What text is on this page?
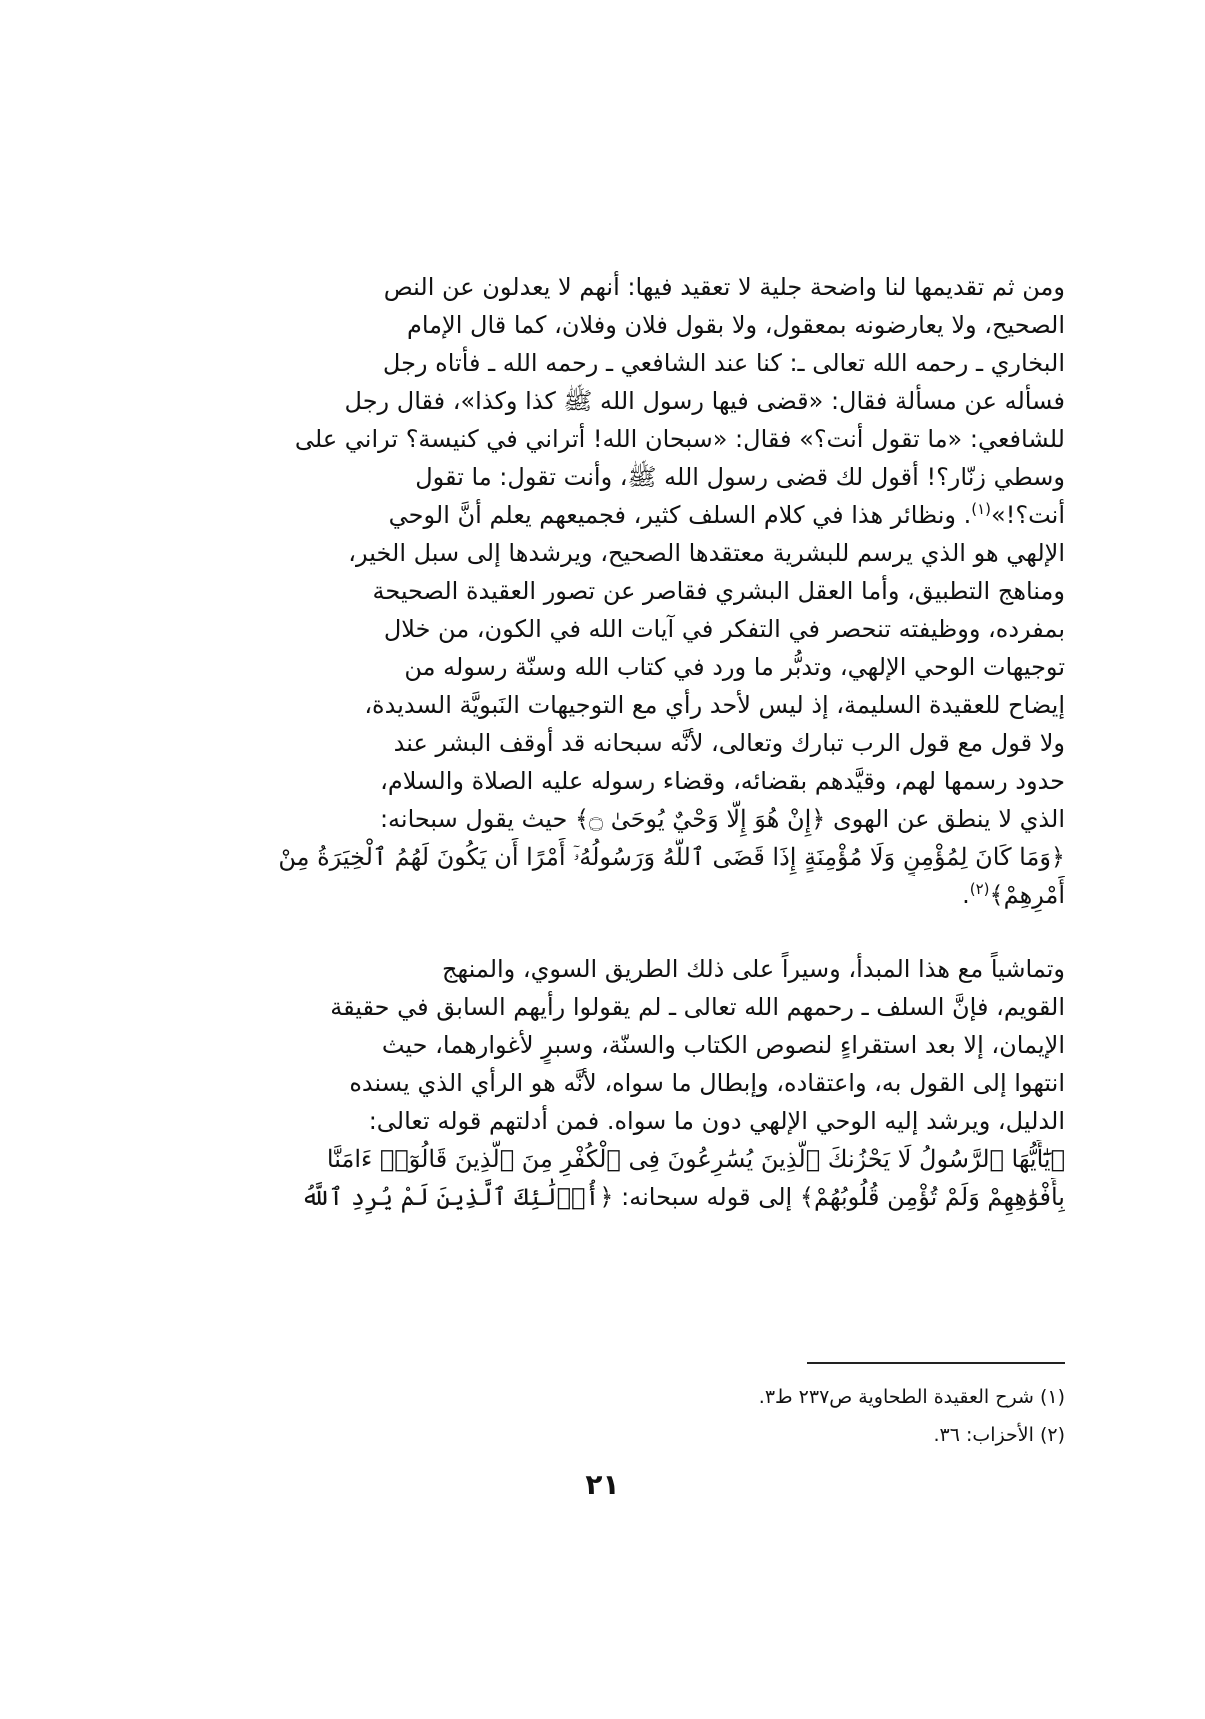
ومن ثم تقديمها لنا واضحة جلية لا تعقيد فيها: أنهم لا يعدلون عن النص
الصحيح، ولا يعارضونه بمعقول، ولا بقول فلان وفلان، كما قال الإمام
البخاري ـ رحمه الله تعالى ـ: كنا عند الشافعي ـ رحمه الله ـ فأتاه رجل
فسأله عن مسألة فقال: «قضى فيها رسول الله ﷺ كذا وكذا»، فقال رجل
للشافعي: «ما تقول أنت؟» فقال: «سبحان الله! أتراني في كنيسة؟ تراني على
وسطي زنّار؟! أقول لك قضى رسول الله ﷺ، وأنت تقول: ما تقول
أنت؟!»$^{(١)}$. ونظائر هذا في كلام السلف كثير، فجميعهم يعلم أنَّ الوحي
الإلهي هو الذي يرسم للبشرية معتقدها الصحيح، ويرشدها إلى سبل الخير،
ومناهج التطبيق، وأما العقل البشري فقاصر عن تصور العقيدة الصحيحة
بمفرده، ووظيفته تنحصر في التفكر في آيات الله في الكون، من خلال
توجيهات الوحي الإلهي، وتدبُّر ما ورد في كتاب الله وسنّة رسوله من
إيضاح للعقيدة السليمة، إذ ليس لأحد رأي مع التوجيهات النَبويَّة السديدة،
ولا قول مع قول الرب تبارك وتعالى، لأنَّه سبحانه قد أوقف البشر عند
حدود رسمها لهم، وقيَّدهم بقضائه، وقضاء رسوله عليه الصلاة والسلام،
الذي لا ينطق عن الهوى ﴿إِنْ هُوَ إِلَّا وَحْيٌ يُوحَىٰ ۝﴾ حيث يقول سبحانه:
﴿وَمَا كَانَ لِمُؤْمِنٍ وَلَا مُؤْمِنَةٍ إِذَا قَضَى ٱللَّهُ وَرَسُولُهُۥٓ أَمْرًا أَن يَكُونَ لَهُمُ ٱلْخِيَرَةُ مِنْ
أَمْرِهِمْ﴾$^{(٢)}$.
وتماشياً مع هذا المبدأ، وسيراً على ذلك الطريق السوي، والمنهج
القويم، فإنَّ السلف ـ رحمهم الله تعالى ـ لم يقولوا رأيهم السابق في حقيقة
الإيمان، إلا بعد استقراءٍ لنصوص الكتاب والسنّة، وسبرٍ لأغوارهما، حيث
انتهوا إلى القول به، واعتقاده، وإبطال ما سواه، لأنَّه هو الرأي الذي يسنده
الدليل، ويرشد إليه الوحي الإلهي دون ما سواه. فمن أدلتهم قوله تعالى:
﴿يَٰٓأَيُّهَا ٱلرَّسُولُ لَا يَحْزُنكَ ٱلَّذِينَ يُسَٰرِعُونَ فِى ٱلْكُفْرِ مِنَ ٱلَّذِينَ قَالُوٓا۟ ءَامَنَّا
بِأَفْوَٰهِهِمْ وَلَمْ تُؤْمِن قُلُوبُهُمْ﴾ إلى قوله سبحانه: ﴿أُو۟لَٰٓئِكَ ٱلَّذِينَ لَمْ يُرِدِ ٱللَّهُ
(١) شرح العقيدة الطحاوية ص٢٣٧ ط٣.
(٢) الأحزاب: ٣٦.
٢١
